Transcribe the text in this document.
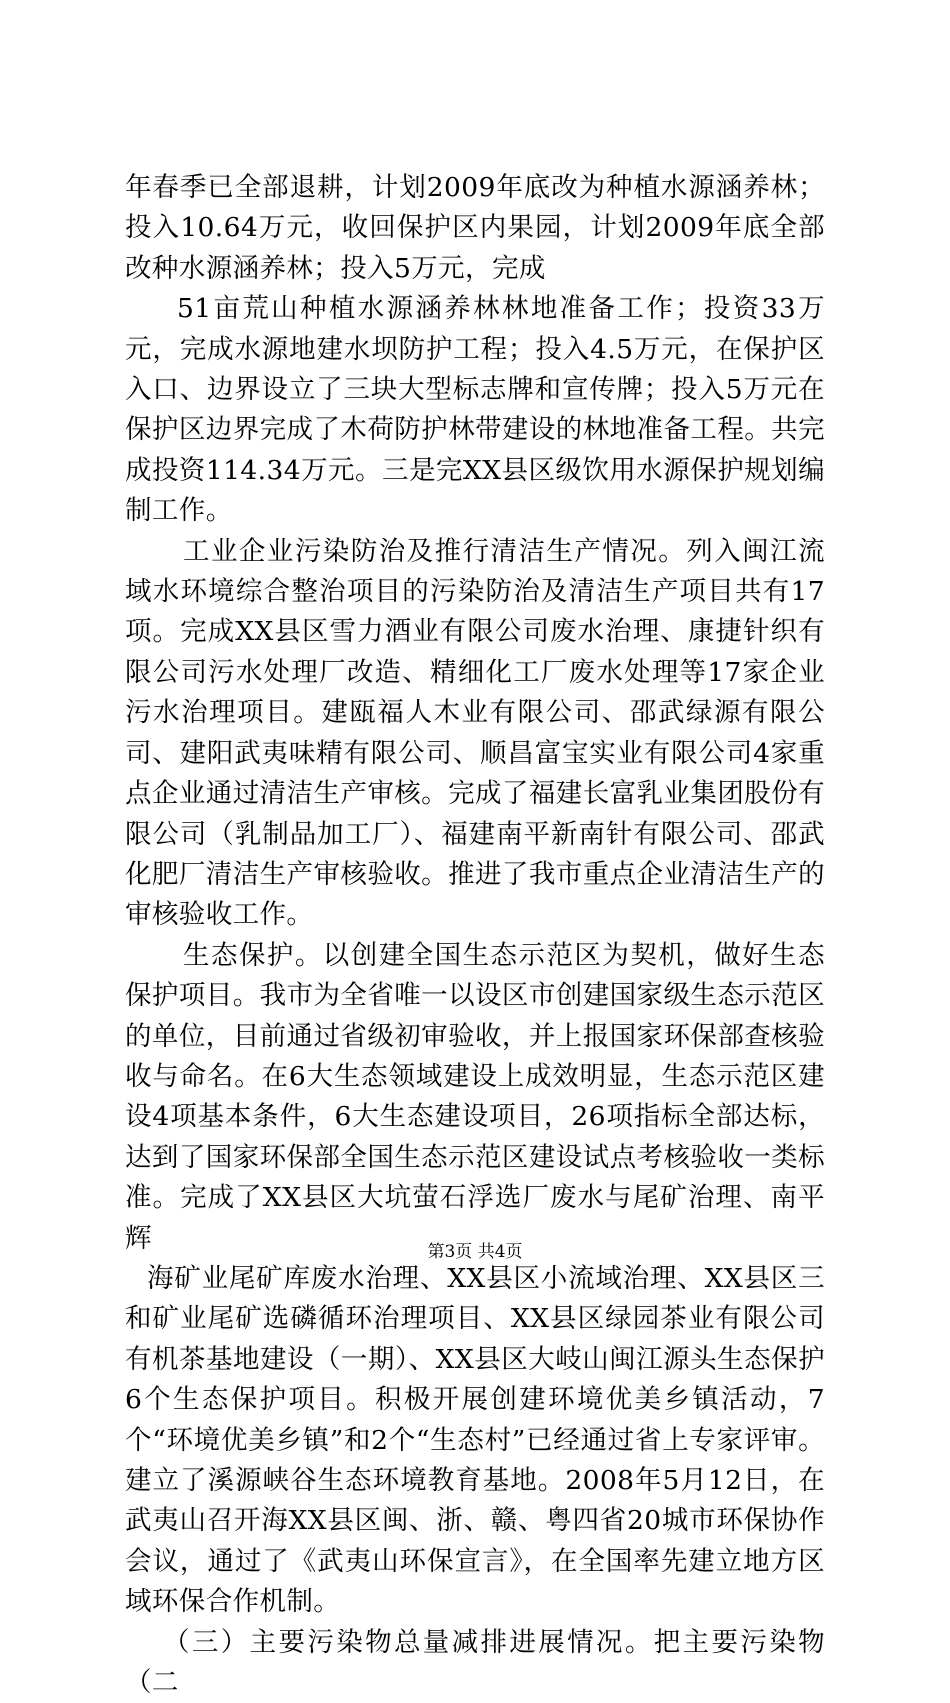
年春季已全部退耕，计划2009年底改为种植水源涵养林；投入10.64万元，收回保护区内果园，计划2009年底全部改种水源涵养林；投入5万元，完成

51亩荒山种植水源涵养林林地准备工作；投资33万元，完成水源地建水坝防护工程；投入4.5万元，在保护区入口、边界设立了三块大型标志牌和宣传牌；投入5万元在保护区边界完成了木荷防护林带建设的林地准备工程。共完成投资114.34万元。三是完XX县区级饮用水源保护规划编制工作。

工业企业污染防治及推行清洁生产情况。列入闽江流域水环境综合整治项目的污染防治及清洁生产项目共有17项。完成XX县区雪力酒业有限公司废水治理、康捷针织有限公司污水处理厂改造、精细化工厂废水处理等17家企业污水治理项目。建瓯福人木业有限公司、邵武绿源有限公司、建阳武夷味精有限公司、顺昌富宝实业有限公司4家重点企业通过清洁生产审核。完成了福建长富乳业集团股份有限公司（乳制品加工厂）、福建南平新南针有限公司、邵武化肥厂清洁生产审核验收。推进了我市重点企业清洁生产的审核验收工作。

生态保护。以创建全国生态示范区为契机，做好生态保护项目。我市为全省唯一以设区市创建国家级生态示范区的单位，目前通过省级初审验收，并上报国家环保部查核验收与命名。在6大生态领域建设上成效明显，生态示范区建设4项基本条件，6大生态建设项目，26项指标全部达标，达到了国家环保部全国生态示范区建设试点考核验收一类标准。完成了XX县区大坑萤石浮选厂废水与尾矿治理、南平辉

海矿业尾矿库废水治理、XX县区小流域治理、XX县区三和矿业尾矿选磷循环治理项目、XX县区绿园茶业有限公司有机茶基地建设（一期）、XX县区大岐山闽江源头生态保护6个生态保护项目。积极开展创建环境优美乡镇活动，7个“环境优美乡镇”和2个“生态村”已经通过省上专家评审。建立了溪源峡谷生态环境教育基地。2008年5月12日，在武夷山召开海XX县区闽、浙、赣、粤四省20城市环保协作会议，通过了《武夷山环保宣言》，在全国率先建立地方区域环保合作机制。

（三）主要污染物总量减排进展情况。把主要污染物（二

第3页 共4页
